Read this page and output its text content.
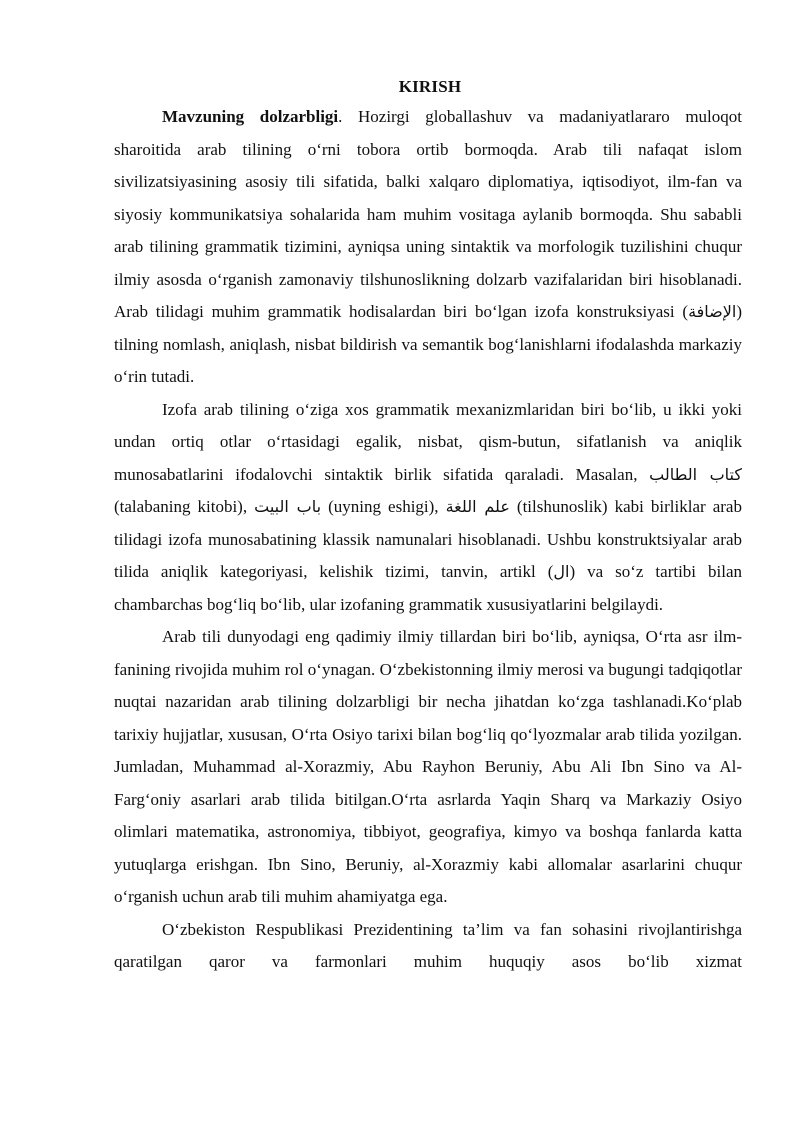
KIRISH

Mavzuning dolzarbligi. Hozirgi globallashuv va madaniyatlararo muloqot sharoitida arab tilining o‘rni tobora ortib bormoqda. Arab tili nafaqat islom sivilizatsiyasining asosiy tili sifatida, balki xalqaro diplomatiya, iqtisodiyot, ilm-fan va siyosiy kommunikatsiya sohalarida ham muhim vositaga aylanib bormoqda. Shu sababli arab tilining grammatik tizimini, ayniqsa uning sintaktik va morfologik tuzilishini chuqur ilmiy asosda o‘rganish zamonaviy tilshunoslikning dolzarb vazifalaridan biri hisoblanadi. Arab tilidagi muhim grammatik hodisalardan biri bo‘lgan izofa konstruksiyasi (الإضافة) tilning nomlash, aniqlash, nisbat bildirish va semantik bog‘lanishlarni ifodalashda markaziy o‘rin tutadi.

Izofa arab tilining o‘ziga xos grammatik mexanizmlaridan biri bo‘lib, u ikki yoki undan ortiq otlar o‘rtasidagi egalik, nisbat, qism-butun, sifatlanish va aniqlik munosabatlarini ifodalovchi sintaktik birlik sifatida qaraladi. Masalan, كتاب الطالب (talabaning kitobi), باب البيت (uyning eshigi), علم اللغة (tilshunoslik) kabi birliklar arab tilidagi izofa munosabatining klassik namunalari hisoblanadi. Ushbu konstruktsiyalar arab tilida aniqlik kategoriyasi, kelishik tizimi, tanvin, artikl (ال) va so‘z tartibi bilan chambarchas bog‘liq bo‘lib, ular izofaning grammatik xususiyatlarini belgilaydi.

Arab tili dunyodagi eng qadimiy ilmiy tillardan biri bo‘lib, ayniqsa, O‘rta asr ilm-fanining rivojida muhim rol o‘ynagan. O‘zbekistonning ilmiy merosi va bugungi tadqiqotlar nuqtai nazaridan arab tilining dolzarbligi bir necha jihatdan ko‘zga tashlanadi.Ko‘plab tarixiy hujjatlar, xususan, O‘rta Osiyo tarixi bilan bog‘liq qo‘lyozmalar arab tilida yozilgan. Jumladan, Muhammad al-Xorazmiy, Abu Rayhon Beruniy, Abu Ali Ibn Sino va Al-Farg‘oniy asarlari arab tilida bitilgan.O‘rta asrlarda Yaqin Sharq va Markaziy Osiyo olimlari matematika, astronomiya, tibbiyot, geografiya, kimyo va boshqa fanlarda katta yutuqlarga erishgan. Ibn Sino, Beruniy, al-Xorazmiy kabi allomalar asarlarini chuqur o‘rganish uchun arab tili muhim ahamiyatga ega.

O‘zbekiston Respublikasi Prezidentining ta’lim va fan sohasini rivojlantirishga qaratilgan qaror va farmonlari muhim huquqiy asos bo‘lib xizmat
